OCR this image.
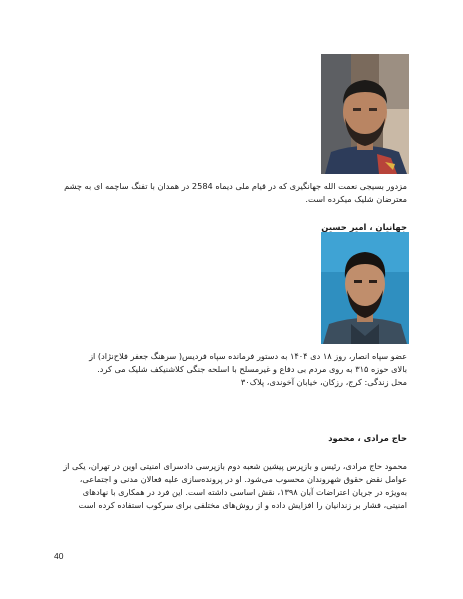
مزدور بسیجی نعمت الله جهانگیری که در قیام ملی دیماه 2584 در همدان با تفنگ ساچمه ای به چشم
معترضان شلیک میکرده است.
جهانیان ، امیر حسین
عضو سپاه انصار، روز ۱۸ دی ۱۴۰۴ به دستور فرمانده سپاه فردیس( سرهنگ جعفر فلاح‌نژاد) از
بالای حوزه ۳۱۵ به روی مردم بی دفاع و غیرمسلح با اسلحه جنگی کلاشنیکف شلیک می کرد.
محل زندگی: کرج، رزکان، خیابان آخوندی، پلاک۳۰
حاج مرادی ، محمود
محمود حاج مرادی، رئیس و بازپرس پیشین شعبه دوم بازپرسی دادسرای امنیتی اوین در تهران، یکی از
عوامل نقض حقوق شهروندان محسوب می‌شود. او در پرونده‌سازی علیه فعالان مدنی و اجتماعی،
به‌ویژه در جریان اعتراضات آبان ۱۳۹۸، نقش اساسی داشته است. این فرد در همکاری با نهادهای
امنیتی، فشار بر زندانیان را افزایش داده و از روش‌های مختلفی برای سرکوب استفاده کرده است
40
